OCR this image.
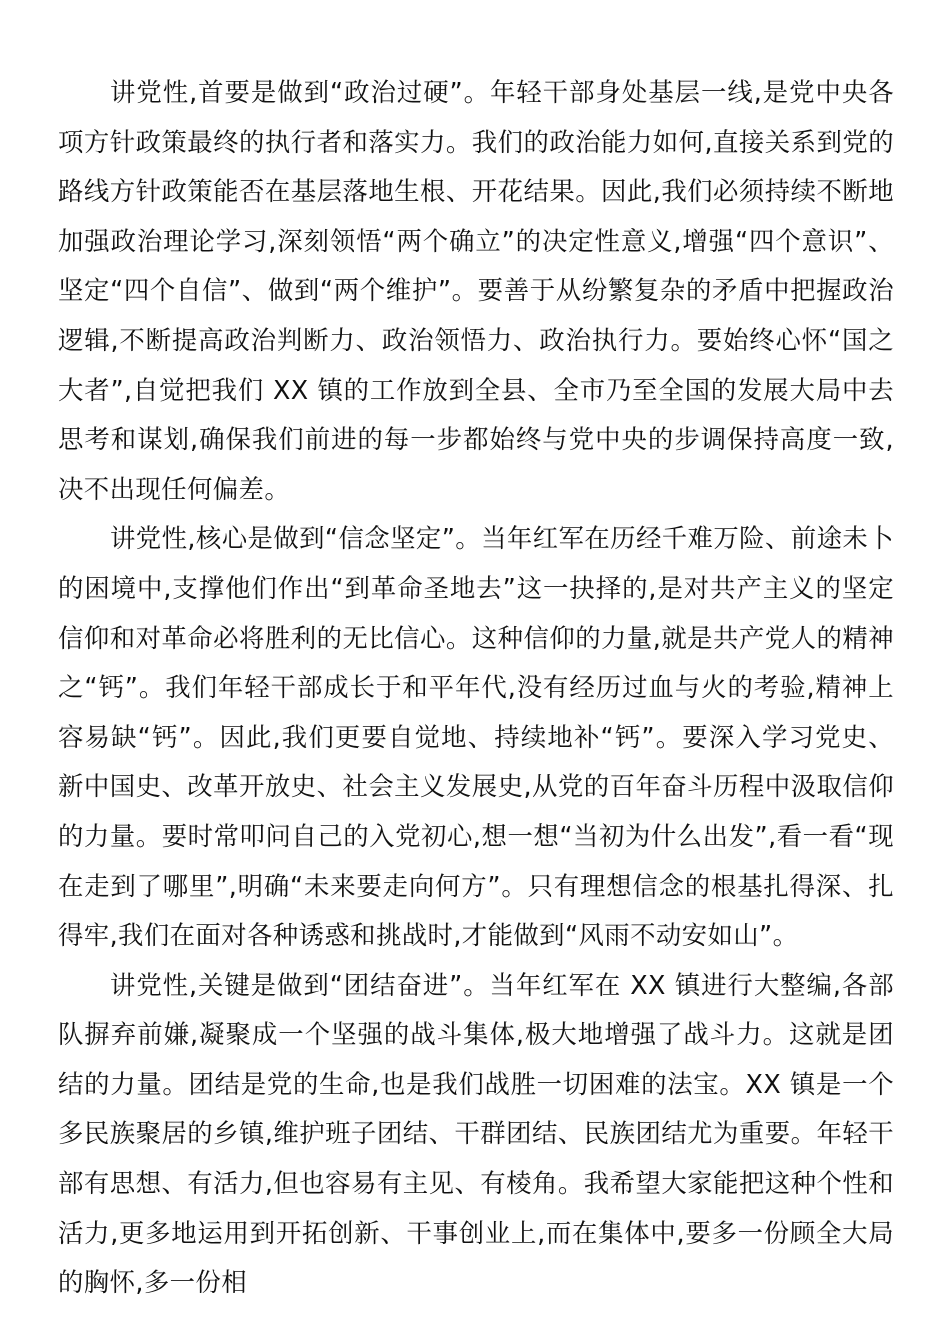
讲党性,首要是做到“政治过硬”。年轻干部身处基层一线,是党中央各项方针政策最终的执行者和落实力。我们的政治能力如何,直接关系到党的路线方针政策能否在基层落地生根、开花结果。因此,我们必须持续不断地加强政治理论学习,深刻领悟“两个确立”的决定性意义,增强“四个意识”、坚定“四个自信”、做到“两个维护”。要善于从纷繁复杂的矛盾中把握政治逻辑,不断提高政治判断力、政治领悟力、政治执行力。要始终心怀“国之大者”,自觉把我们 XX 镇的工作放到全县、全市乃至全国的发展大局中去思考和谋划,确保我们前进的每一步都始终与党中央的步调保持高度一致,决不出现任何偏差。

讲党性,核心是做到“信念坚定”。当年红军在历经千难万险、前途未卜的困境中,支撑他们作出“到革命圣地去”这一抉择的,是对共产主义的坚定信仰和对革命必将胜利的无比信心。这种信仰的力量,就是共产党人的精神之“钙”。我们年轻干部成长于和平年代,没有经历过血与火的考验,精神上容易缺“钙”。因此,我们更要自觉地、持续地补“钙”。要深入学习党史、新中国史、改革开放史、社会主义发展史,从党的百年奋斗历程中汲取信仰的力量。要时常叩问自己的入党初心,想一想“当初为什么出发”,看一看“现在走到了哪里”,明确“未来要走向何方”。只有理想信念的根基扎得深、扎得牢,我们在面对各种诱惑和挑战时,才能做到“风雨不动安如山”。

讲党性,关键是做到“团结奋进”。当年红军在 XX 镇进行大整编,各部队摒弃前嫌,凝聚成一个坚强的战斗集体,极大地增强了战斗力。这就是团结的力量。团结是党的生命,也是我们战胜一切困难的法宝。XX 镇是一个多民族聚居的乡镇,维护班子团结、干群团结、民族团结尤为重要。年轻干部有思想、有活力,但也容易有主见、有棱角。我希望大家能把这种个性和活力,更多地运用到开拓创新、干事创业上,而在集体中,要多一份顾全大局的胸怀,多一份相
